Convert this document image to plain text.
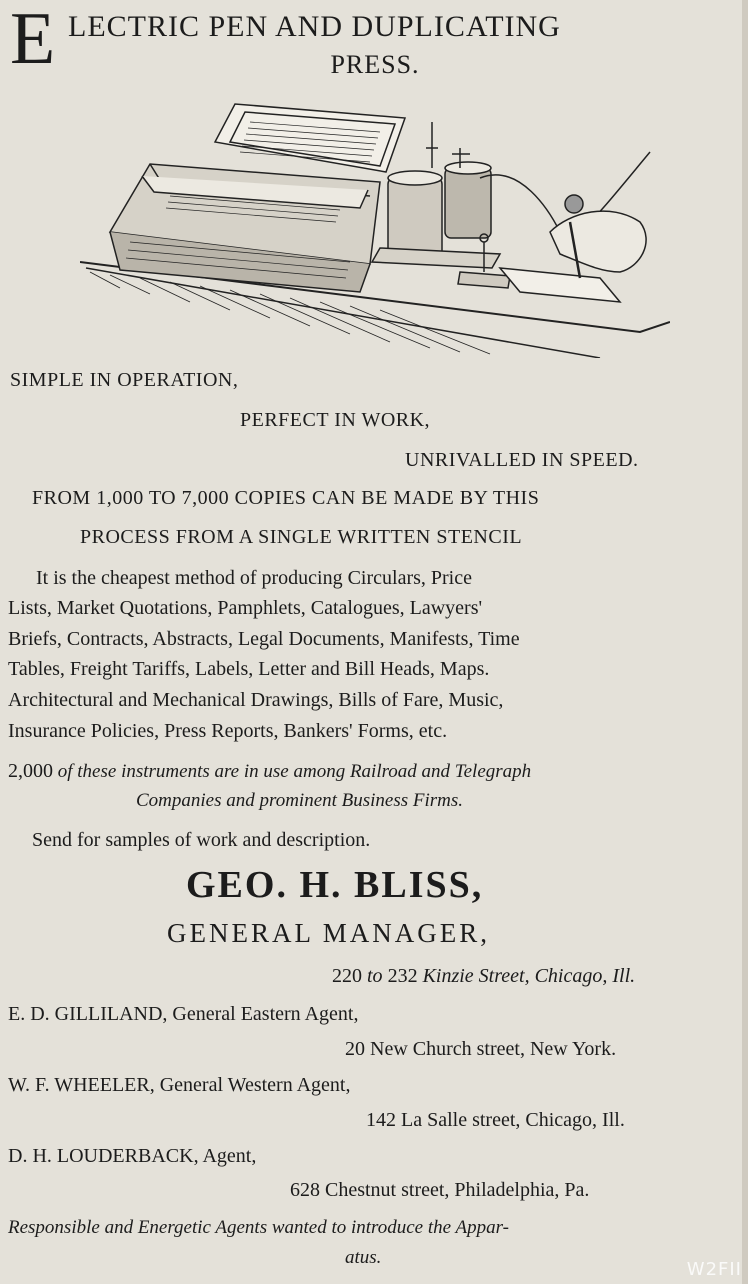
E LECTRIC PEN AND DUPLICATING
PRESS.
SIMPLE IN OPERATION,
PERFECT IN WORK,
UNRIVALLED IN SPEED.
FROM 1,000 TO 7,000 COPIES CAN BE MADE BY THIS
PROCESS FROM A SINGLE WRITTEN STENCIL
It is the cheapest method of producing Circulars, Price
Lists, Market Quotations, Pamphlets, Catalogues, Lawyers'
Briefs, Contracts, Abstracts, Legal Documents, Manifests, Time
Tables, Freight Tariffs, Labels, Letter and Bill Heads, Maps.
Architectural and Mechanical Drawings, Bills of Fare, Music,
Insurance Policies, Press Reports, Bankers' Forms, etc.
2,000 of these instruments are in use among Railroad and Telegraph
Companies and prominent Business Firms.
Send for samples of work and description.
GEO. H. BLISS,
GENERAL MANAGER,
220 to 232 Kinzie Street, Chicago, Ill.
E. D. GILLILAND, General Eastern Agent,
20 New Church street, New York.
W. F. WHEELER, General Western Agent,
142 La Salle street, Chicago, Ill.
D. H. LOUDERBACK, Agent,
628 Chestnut street, Philadelphia, Pa.
Responsible and Energetic Agents wanted to introduce the Appar-
atus.
W2FII
